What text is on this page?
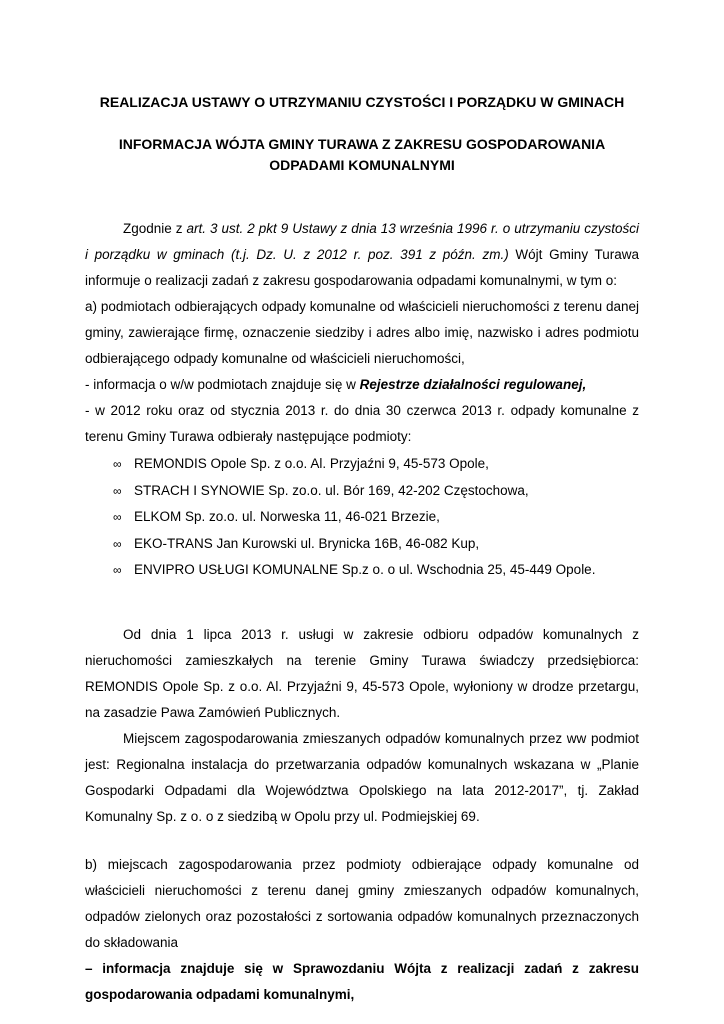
REALIZACJA USTAWY O UTRZYMANIU CZYSTOŚCI I PORZĄDKU W GMINACH
INFORMACJA WÓJTA GMINY TURAWA Z ZAKRESU GOSPODAROWANIA
ODPADAMI KOMUNALNYMI

Zgodnie z art. 3 ust. 2 pkt 9 Ustawy z dnia 13 września 1996 r. o utrzymaniu czystości i porządku w gminach (t.j. Dz. U. z 2012 r. poz. 391 z późn. zm.) Wójt Gminy Turawa informuje o realizacji zadań z zakresu gospodarowania odpadami komunalnymi, w tym o:

a) podmiotach odbierających odpady komunalne od właścicieli nieruchomości z terenu danej gminy, zawierające firmę, oznaczenie siedziby i adres albo imię, nazwisko i adres podmiotu odbierającego odpady komunalne od właścicieli nieruchomości,

- informacja o w/w podmiotach znajduje się w Rejestrze działalności regulowanej,

- w 2012 roku oraz od stycznia 2013 r. do dnia 30 czerwca 2013 r. odpady komunalne z terenu Gminy Turawa odbierały następujące podmioty:

∞ REMONDIS Opole Sp. z o.o. Al. Przyjaźni 9, 45-573 Opole,
∞ STRACH I SYNOWIE Sp. zo.o. ul. Bór 169, 42-202 Częstochowa,
∞ ELKOM Sp. zo.o. ul. Norweska 11, 46-021 Brzezie,
∞ EKO-TRANS Jan Kurowski ul. Brynicka 16B, 46-082 Kup,
∞ ENVIPRO USŁUGI KOMUNALNE Sp.z o. o ul. Wschodnia 25, 45-449 Opole.

Od dnia 1 lipca 2013 r. usługi w zakresie odbioru odpadów komunalnych z nieruchomości zamieszkałych na terenie Gminy Turawa świadczy przedsiębiorca: REMONDIS Opole Sp. z o.o. Al. Przyjaźni 9, 45-573 Opole, wyłoniony w drodze przetargu, na zasadzie Pawa Zamówień Publicznych.

Miejscem zagospodarowania zmieszanych odpadów komunalnych przez ww podmiot jest: Regionalna instalacja do przetwarzania odpadów komunalnych wskazana w „Planie Gospodarki Odpadami dla Województwa Opolskiego na lata 2012-2017”, tj. Zakład Komunalny Sp. z o. o z siedzibą w Opolu przy ul. Podmiejskiej 69.

b) miejscach zagospodarowania przez podmioty odbierające odpady komunalne od właścicieli nieruchomości z terenu danej gminy zmieszanych odpadów komunalnych, odpadów zielonych oraz pozostałości z sortowania odpadów komunalnych przeznaczonych do składowania

– informacja znajduje się w Sprawozdaniu Wójta z realizacji zadań z zakresu gospodarowania odpadami komunalnymi,
